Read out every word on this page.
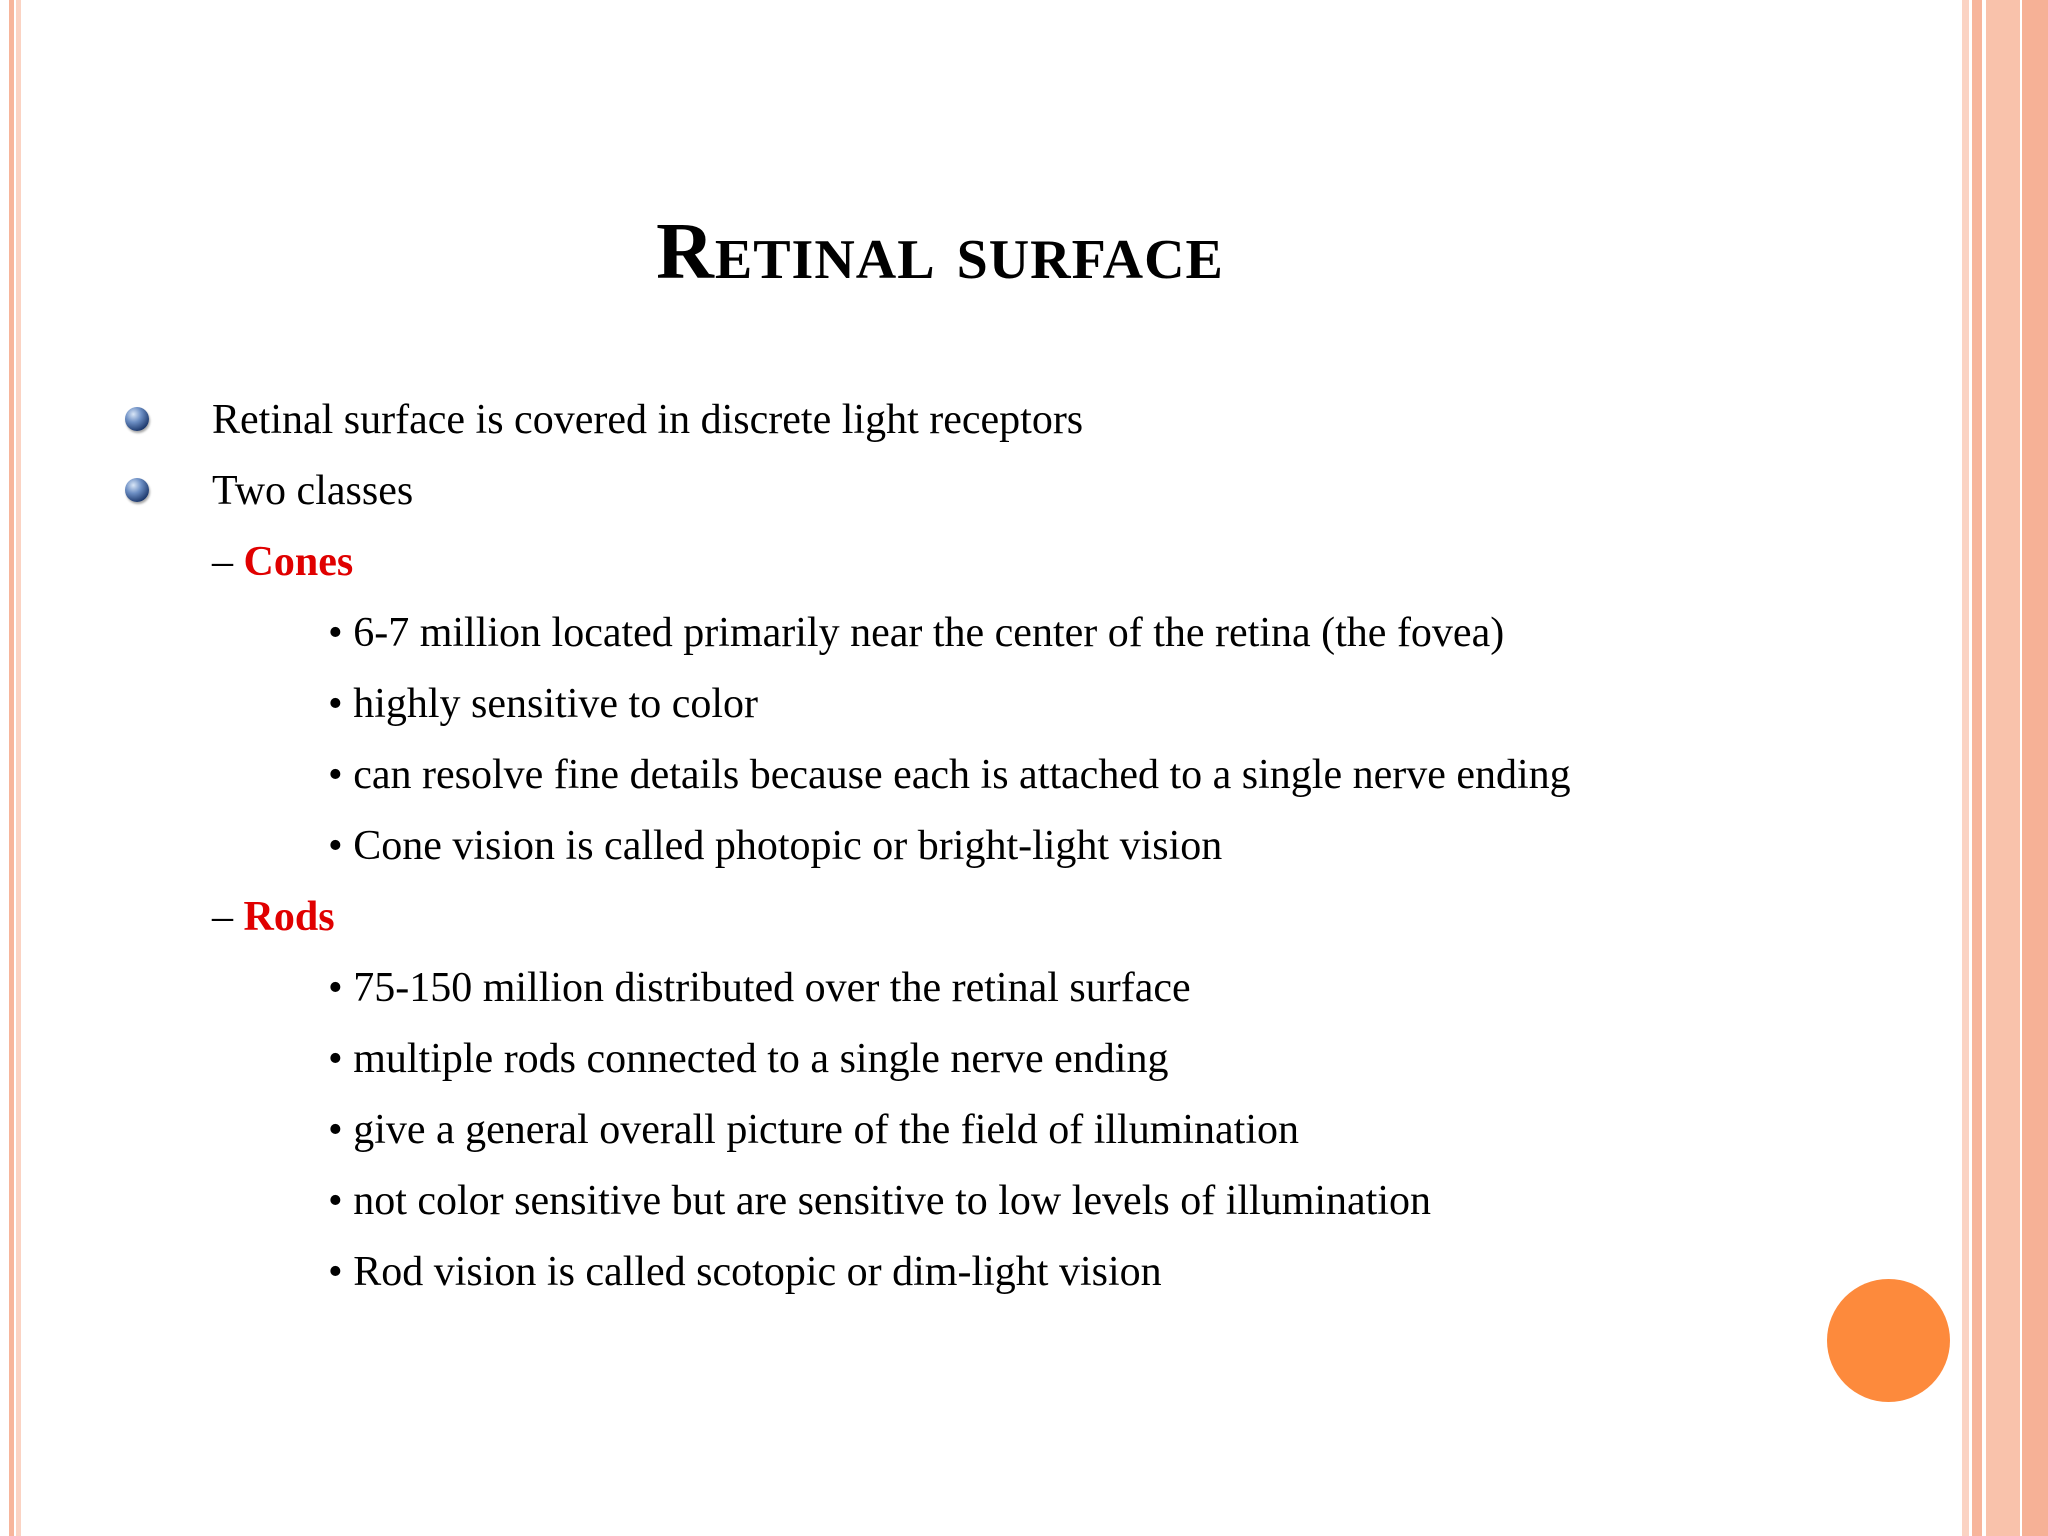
Retinal surface
Retinal surface is covered in discrete light receptors
Two classes
– Cones
• 6-7 million located primarily near the center of the retina (the fovea)
• highly sensitive to color
• can resolve fine details because each is attached to a single nerve ending
• Cone vision is called photopic or bright-light vision
– Rods
• 75-150 million distributed over the retinal surface
• multiple rods connected to a single nerve ending
• give a general overall picture of the field of illumination
• not color sensitive but are sensitive to low levels of illumination
• Rod vision is called scotopic or dim-light vision
